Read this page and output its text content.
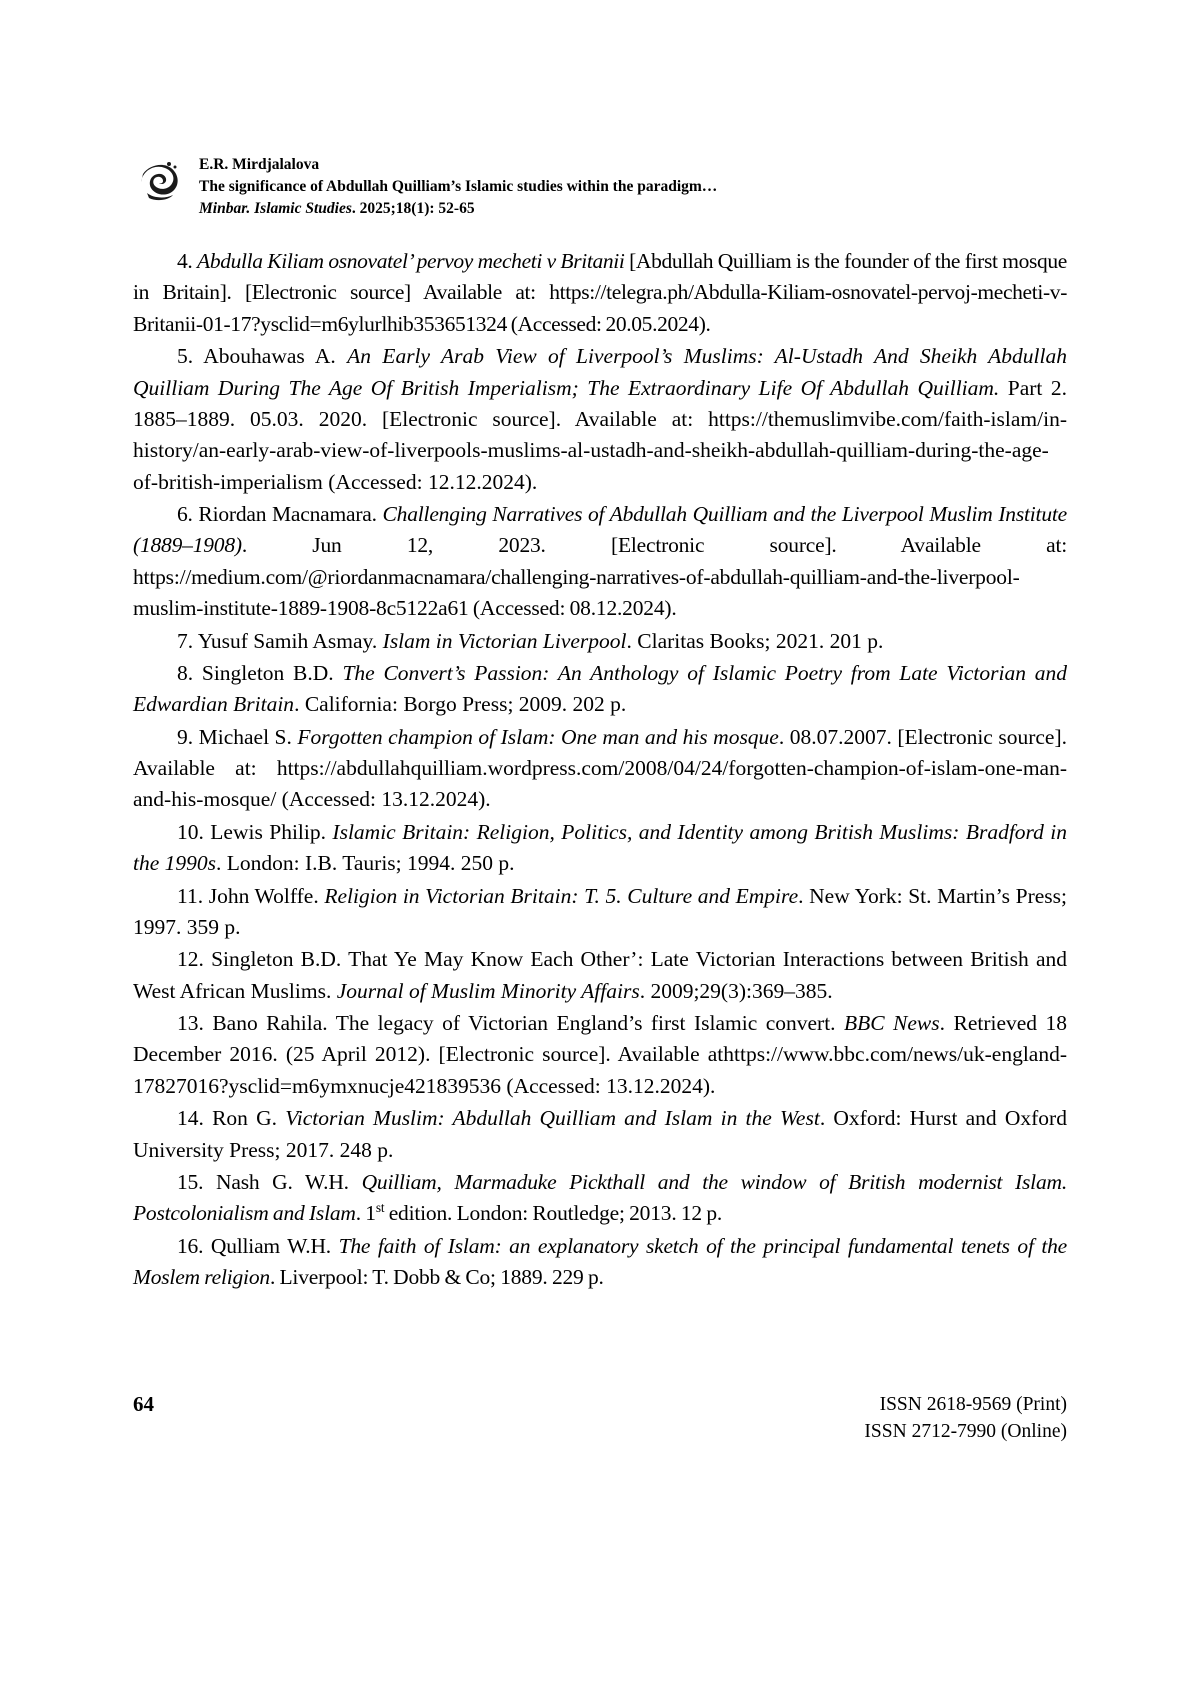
E.R. Mirdjalalova
The significance of Abdullah Quilliam’s Islamic studies within the paradigm…
Minbar. Islamic Studies. 2025;18(1): 52-65

4. Abdulla Kiliam osnovatel’ pervoy mecheti v Britanii [Abdullah Quilliam is the founder of the first mosque in Britain]. [Electronic source] Available at: https://telegra.ph/Abdulla-Kiliam-osnovatel-pervoj-mecheti-v-Britanii-01-17?ysclid=m6ylurlhib353651324 (Accessed: 20.05.2024).

5. Abouhawas A. An Early Arab View of Liverpool’s Muslims: Al-Ustadh And Sheikh Abdullah Quilliam During The Age Of British Imperialism; The Extraordinary Life Of Abdullah Quilliam. Part 2. 1885–1889. 05.03. 2020. [Electronic source]. Available at: https://themuslimvibe.com/faith-islam/in-history/an-early-arab-view-of-liverpools-muslims-al-ustadh-and-sheikh-abdullah-quilliam-during-the-age-of-british-imperialism (Accessed: 12.12.2024).

6. Riordan Macnamara. Challenging Narratives of Abdullah Quilliam and the Liverpool Muslim Institute (1889–1908). Jun 12, 2023. [Electronic source]. Available at: https://medium.com/@riordanmacnamara/challenging-narratives-of-abdullah-quilliam-and-the-liverpool-muslim-institute-1889-1908-8c5122a61 (Accessed: 08.12.2024).

7. Yusuf Samih Asmay. Islam in Victorian Liverpool. Claritas Books; 2021. 201 p.

8. Singleton B.D. The Convert’s Passion: An Anthology of Islamic Poetry from Late Victorian and Edwardian Britain. California: Borgo Press; 2009. 202 p.

9. Michael S. Forgotten champion of Islam: One man and his mosque. 08.07.2007. [Electronic source]. Available at: https://abdullahquilliam.wordpress.com/2008/04/24/forgotten-champion-of-islam-one-man-and-his-mosque/ (Accessed: 13.12.2024).

10. Lewis Philip. Islamic Britain: Religion, Politics, and Identity among British Muslims: Bradford in the 1990s. London: I.B. Tauris; 1994. 250 p.

11. John Wolffe. Religion in Victorian Britain: T. 5. Culture and Empire. New York: St. Martin’s Press; 1997. 359 p.

12. Singleton B.D. That Ye May Know Each Other’: Late Victorian Interactions between British and West African Muslims. Journal of Muslim Minority Affairs. 2009;29(3):369–385.

13. Bano Rahila. The legacy of Victorian England’s first Islamic convert. BBC News. Retrieved 18 December 2016. (25 April 2012). [Electronic source]. Available athttps://www.bbc.com/news/uk-england-17827016?ysclid=m6ymxnucje421839536 (Accessed: 13.12.2024).

14. Ron G. Victorian Muslim: Abdullah Quilliam and Islam in the West. Oxford: Hurst and Oxford University Press; 2017. 248 p.

15. Nash G. W.H. Quilliam, Marmaduke Pickthall and the window of British modernist Islam. Postcolonialism and Islam. 1st edition. London: Routledge; 2013. 12 p.

16. Qulliam W.H. The faith of Islam: an explanatory sketch of the principal fundamental tenets of the Moslem religion. Liverpool: T. Dobb & Co; 1889. 229 p.

64	ISSN 2618-9569 (Print)
ISSN 2712-7990 (Online)
